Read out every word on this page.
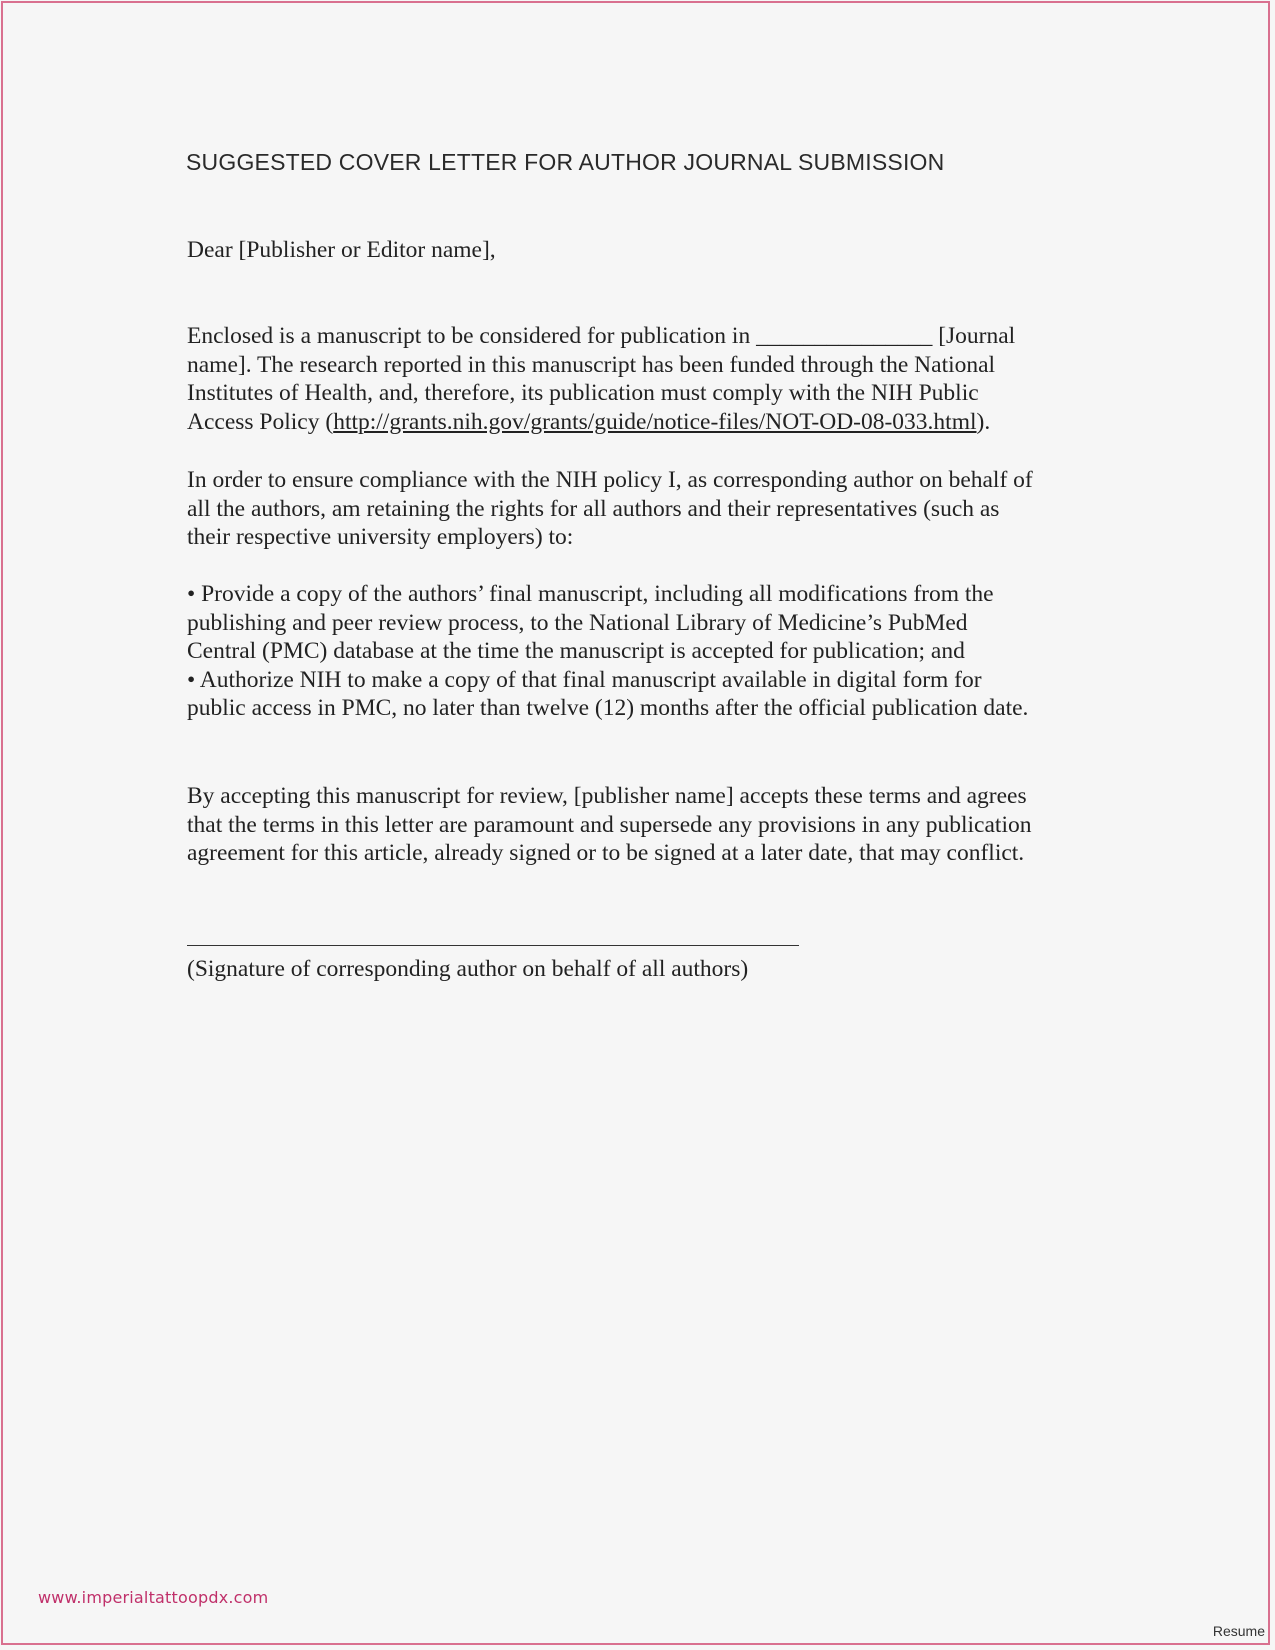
SUGGESTED COVER LETTER FOR AUTHOR JOURNAL SUBMISSION
Dear [Publisher or Editor name],
Enclosed is a manuscript to be considered for publication in _______________ [Journal
name]. The research reported in this manuscript has been funded through the National
Institutes of Health, and, therefore, its publication must comply with the NIH Public
Access Policy (http://grants.nih.gov/grants/guide/notice-files/NOT-OD-08-033.html).
In order to ensure compliance with the NIH policy I, as corresponding author on behalf of
all the authors, am retaining the rights for all authors and their representatives (such as
their respective university employers) to:
• Provide a copy of the authors’ final manuscript, including all modifications from the
publishing and peer review process, to the National Library of Medicine’s PubMed
Central (PMC) database at the time the manuscript is accepted for publication; and
• Authorize NIH to make a copy of that final manuscript available in digital form for
public access in PMC, no later than twelve (12) months after the official publication date.
By accepting this manuscript for review, [publisher name] accepts these terms and agrees
that the terms in this letter are paramount and supersede any provisions in any publication
agreement for this article, already signed or to be signed at a later date, that may conflict.
(Signature of corresponding author on behalf of all authors)
www.imperialtattoopdx.com
Resume
